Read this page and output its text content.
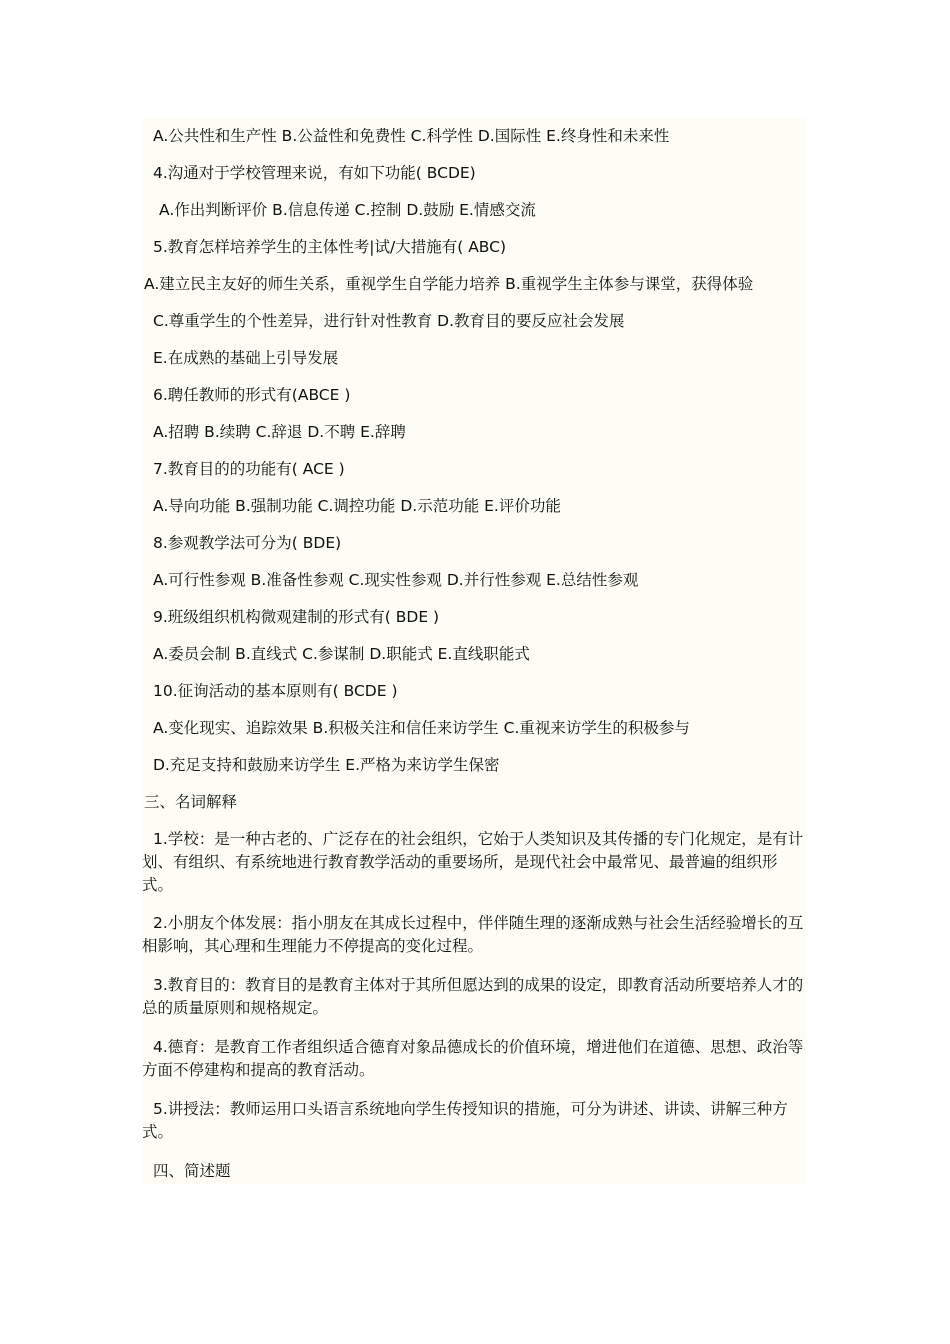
A.公共性和生产性 B.公益性和免费性 C.科学性 D.国际性 E.终身性和未来性
4.沟通对于学校管理来说，有如下功能( BCDE)
A.作出判断评价 B.信息传递 C.控制 D.鼓励 E.情感交流
5.教育怎样培养学生的主体性考|试/大措施有( ABC)
A.建立民主友好的师生关系，重视学生自学能力培养 B.重视学生主体参与课堂，获得体验
C.尊重学生的个性差异，进行针对性教育 D.教育目的要反应社会发展
E.在成熟的基础上引导发展
6.聘任教师的形式有(ABCE )
A.招聘 B.续聘 C.辞退 D.不聘 E.辞聘
7.教育目的的功能有( ACE )
A.导向功能 B.强制功能 C.调控功能 D.示范功能 E.评价功能
8.参观教学法可分为( BDE)
A.可行性参观 B.准备性参观 C.现实性参观 D.并行性参观 E.总结性参观
9.班级组织机构微观建制的形式有( BDE )
A.委员会制 B.直线式 C.参谋制 D.职能式 E.直线职能式
10.征询活动的基本原则有( BCDE )
A.变化现实、追踪效果 B.积极关注和信任来访学生 C.重视来访学生的积极参与
D.充足支持和鼓励来访学生 E.严格为来访学生保密
三、名词解释
1.学校：是一种古老的、广泛存在的社会组织，它始于人类知识及其传播的专门化规定，是有计划、有组织、有系统地进行教育教学活动的重要场所，是现代社会中最常见、最普遍的组织形式。
2.小朋友个体发展：指小朋友在其成长过程中，伴伴随生理的逐渐成熟与社会生活经验增长的互相影响，其心理和生理能力不停提高的变化过程。
3.教育目的：教育目的是教育主体对于其所但愿达到的成果的设定，即教育活动所要培养人才的总的质量原则和规格规定。
4.德育：是教育工作者组织适合德育对象品德成长的价值环境，增进他们在道德、思想、政治等方面不停建构和提高的教育活动。
5.讲授法：教师运用口头语言系统地向学生传授知识的措施，可分为讲述、讲读、讲解三种方式。
四、简述题
